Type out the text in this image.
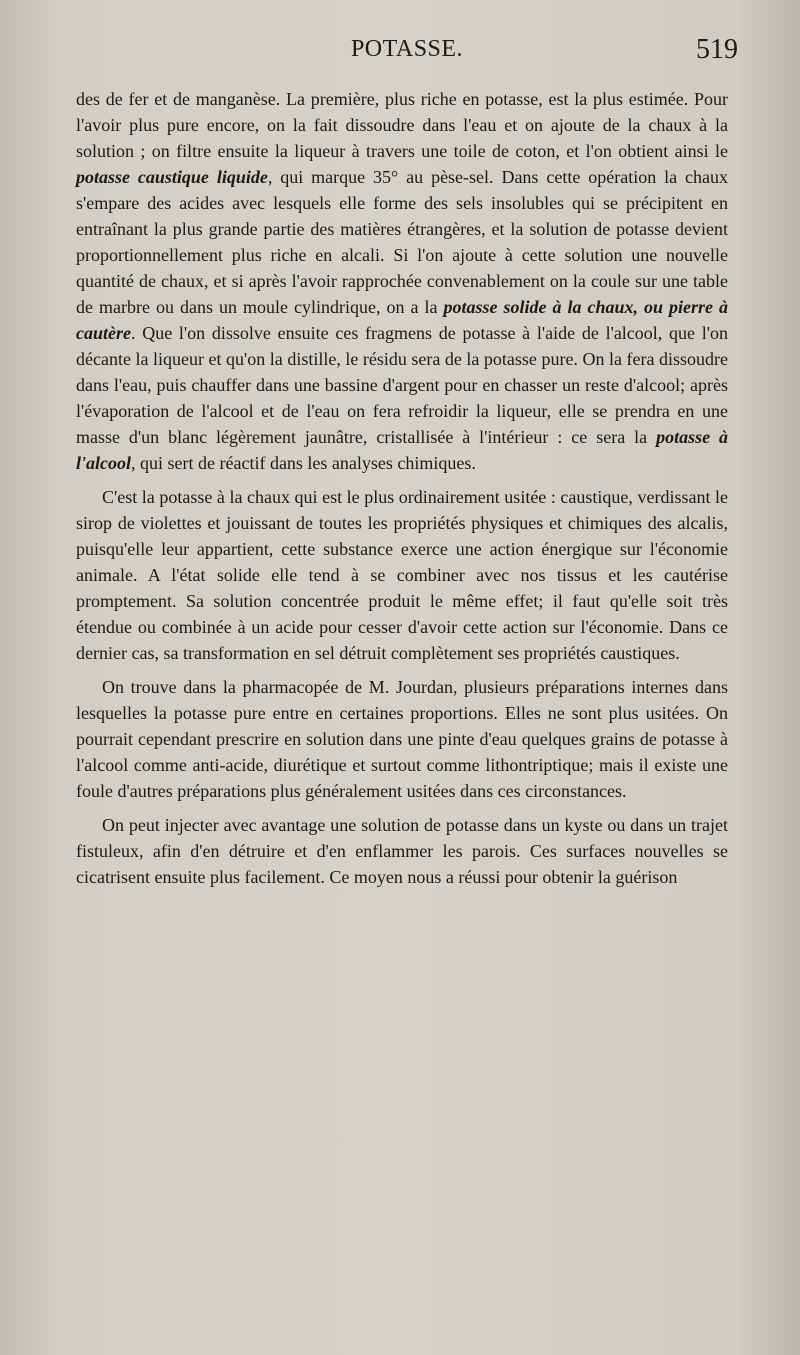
POTASSE.	519

des de fer et de manganèse. La première, plus riche en potasse, est la plus estimée. Pour l'avoir plus pure encore, on la fait dissoudre dans l'eau et on ajoute de la chaux à la solution ; on filtre ensuite la liqueur à travers une toile de coton, et l'on obtient ainsi le potasse caustique liquide, qui marque 35° au pèse-sel. Dans cette opération la chaux s'empare des acides avec lesquels elle forme des sels insolubles qui se précipitent en entraînant la plus grande partie des matières étrangères, et la solution de potasse devient proportionnellement plus riche en alcali. Si l'on ajoute à cette solution une nouvelle quantité de chaux, et si après l'avoir rapprochée convenablement on la coule sur une table de marbre ou dans un moule cylindrique, on a la potasse solide à la chaux, ou pierre à cautère. Que l'on dissolve ensuite ces fragmens de potasse à l'aide de l'alcool, que l'on décante la liqueur et qu'on la distille, le résidu sera de la potasse pure. On la fera dissoudre dans l'eau, puis chauffer dans une bassine d'argent pour en chasser un reste d'alcool; après l'évaporation de l'alcool et de l'eau on fera refroidir la liqueur, elle se prendra en une masse d'un blanc légèrement jaunâtre, cristallisée à l'intérieur : ce sera la potasse à l'alcool, qui sert de réactif dans les analyses chimiques.

C'est la potasse à la chaux qui est le plus ordinairement usitée : caustique, verdissant le sirop de violettes et jouissant de toutes les propriétés physiques et chimiques des alcalis, puisqu'elle leur appartient, cette substance exerce une action énergique sur l'économie animale. A l'état solide elle tend à se combiner avec nos tissus et les cautérise promptement. Sa solution concentrée produit le même effet; il faut qu'elle soit très étendue ou combinée à un acide pour cesser d'avoir cette action sur l'économie. Dans ce dernier cas, sa transformation en sel détruit complètement ses propriétés caustiques.

On trouve dans la pharmacopée de M. Jourdan, plusieurs préparations internes dans lesquelles la potasse pure entre en certaines proportions. Elles ne sont plus usitées. On pourrait cependant prescrire en solution dans une pinte d'eau quelques grains de potasse à l'alcool comme anti-acide, diurétique et surtout comme lithontriptique; mais il existe une foule d'autres préparations plus généralement usitées dans ces circonstances.

On peut injecter avec avantage une solution de potasse dans un kyste ou dans un trajet fistuleux, afin d'en détruire et d'en enflammer les parois. Ces surfaces nouvelles se cicatrisent ensuite plus facilement. Ce moyen nous a réussi pour obtenir la guérison
